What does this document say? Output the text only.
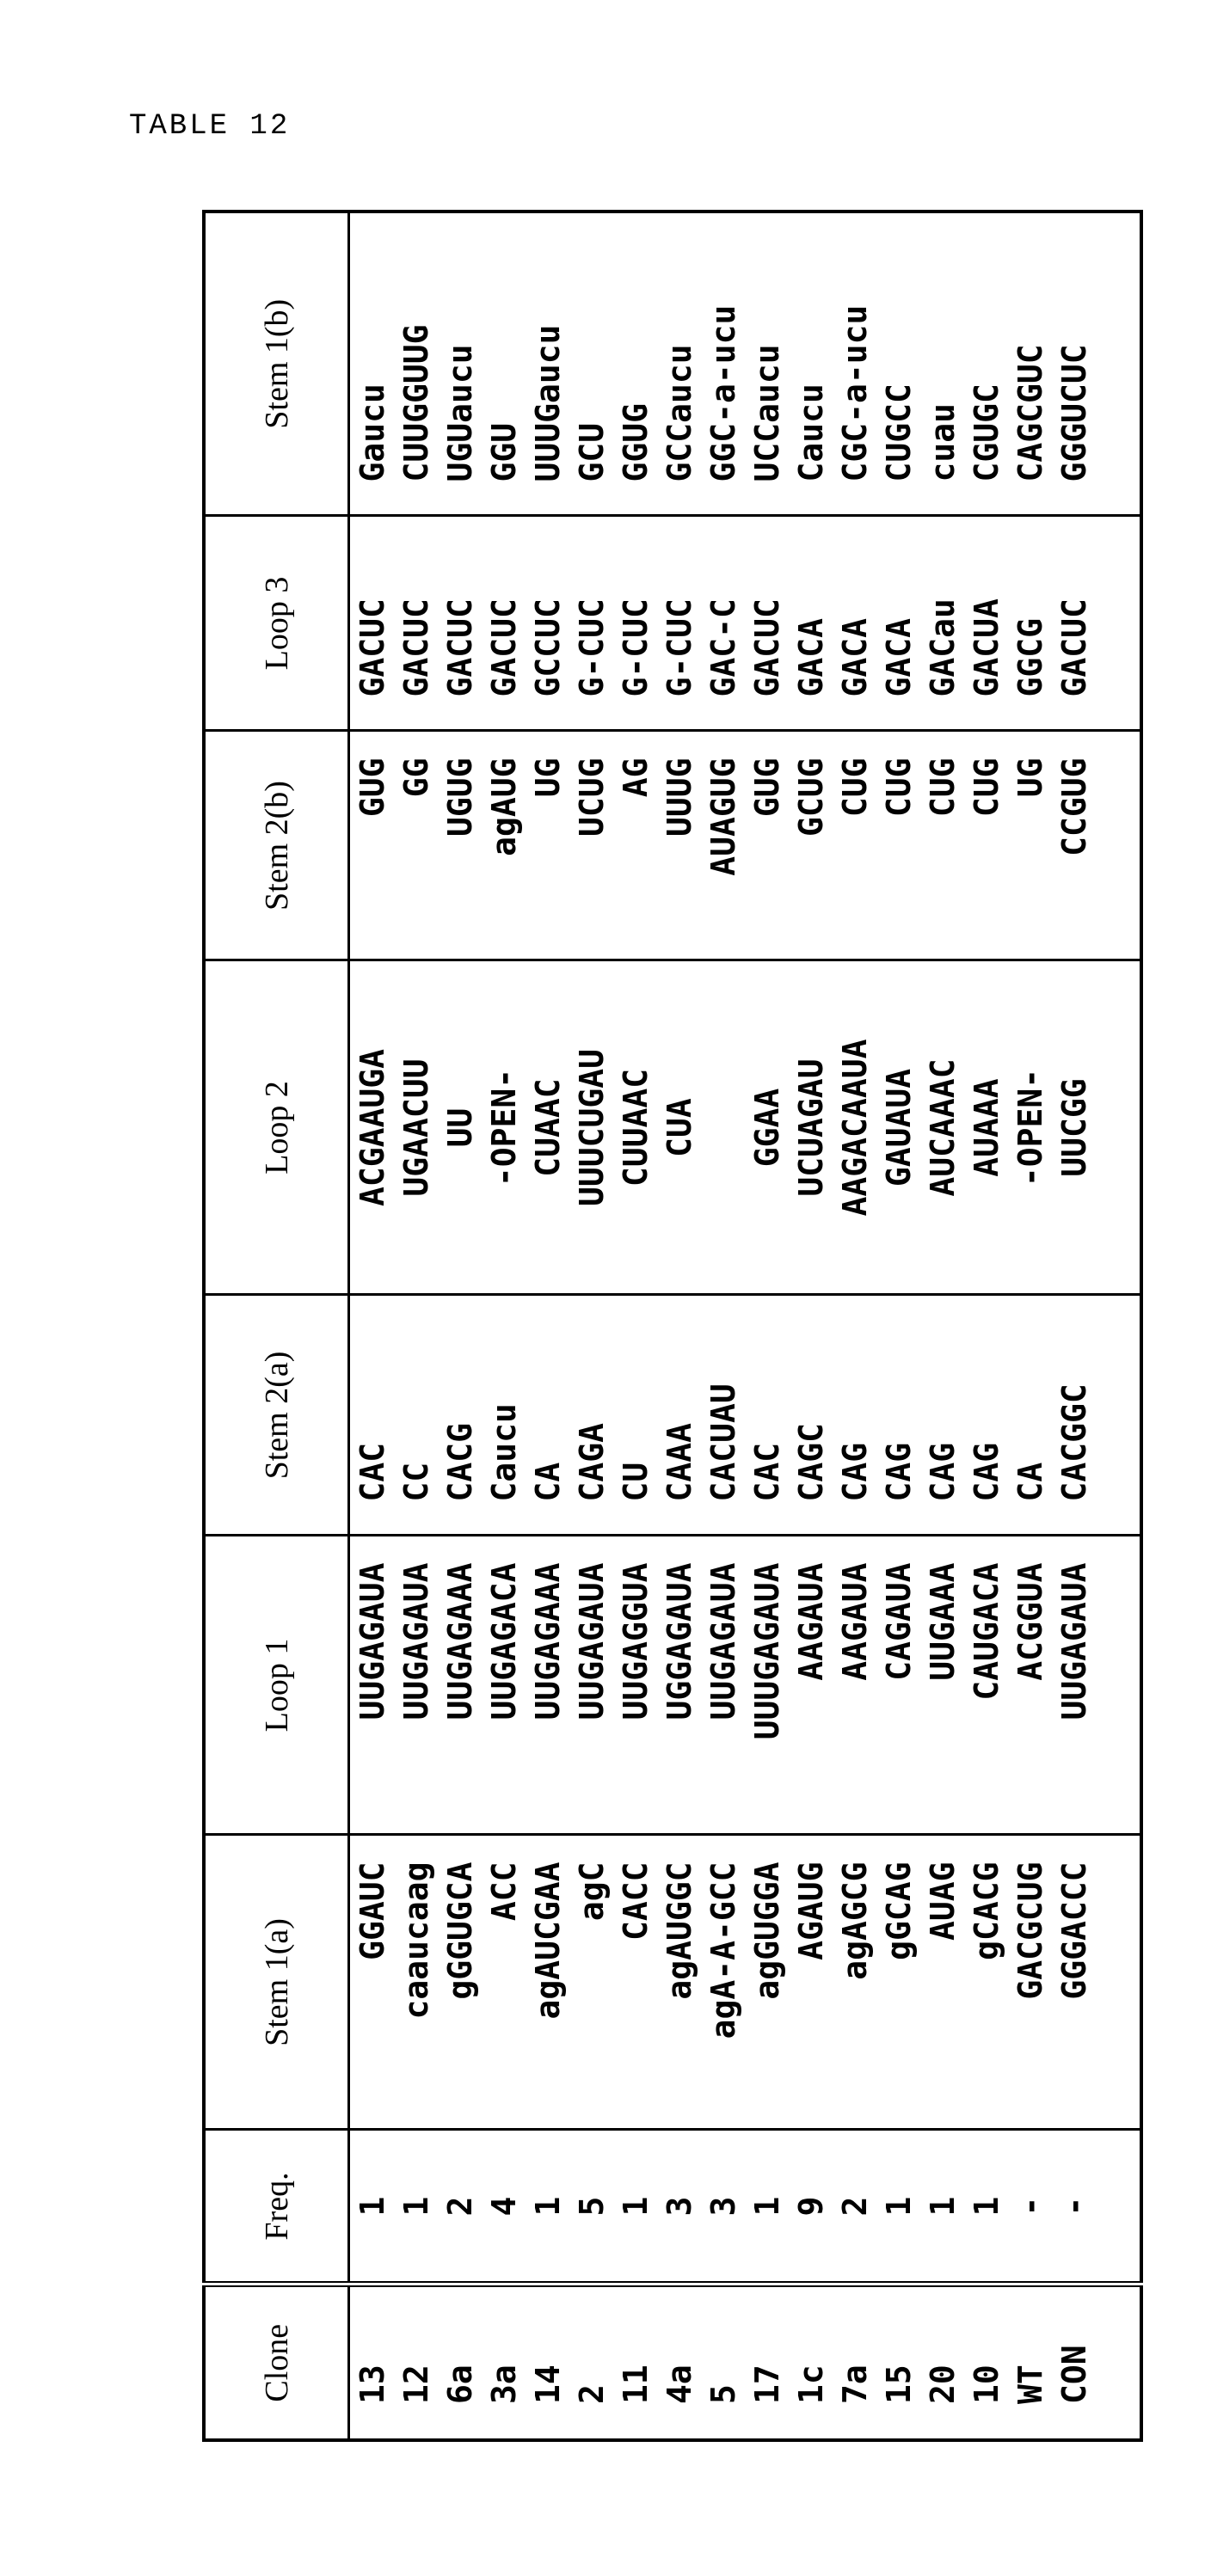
TABLE 12
Clone	Freq.	Stem 1(a)	Loop 1	Stem 2(a)	Loop 2	Stem 2(b)	Loop 3	Stem 1(b)
13	1	GGAUC	UUGAGAUA	CAC	ACGAAUGA	GUG	GACUC	Gaucu
12	1	caaucaag	UUGAGAUA	CC	UGAACUU	GG	GACUC	CUUGGUUG
6a	2	gGGUGCA	UUGAGAAA	CACG	UU	UGUG	GACUC	UGUaucu
3a	4	ACC	UUGAGACA	Caucu	-OPEN-	agAUG	GACUC	GGU
14	1	agAUCGAA	UUGAGAAA	CA	CUAAC	UG	GCCUC	UUUGaucu
2	5	agC	UUGAGAUA	CAGA	UUUCUGAU	UCUG	G-CUC	GCU
11	1	CACC	UUGAGGUA	CU	CUUAAC	AG	G-CUC	GGUG
4a	3	agAUGGC	UGGAGAUA	CAAA	CUA	UUUG	G-CUC	GCCaucu
5	3	agA-A-GCC	UUGAGAUA	CACUAU		AUAGUG	GAC-C	GGC-a-ucu
17	1	agGUGGA	UUUGAGAUA	CAC	GGAA	GUG	GACUC	UCCaucu
1c	9	AGAUG	AAGAUA	CAGC	UCUAGAU	GCUG	GACA	Caucu
7a	2	agAGCG	AAGAUA	CAG	AAGACAAUA	CUG	GACA	CGC-a-ucu
15	1	gGCAG	CAGAUA	CAG	GAUAUA	CUG	GACA	CUGCC
20	1	AUAG	UUGAAA	CAG	AUCAAAC	CUG	GACau	cuau
10	1	gCACG	CAUGACA	CAG	AUAAA	CUG	GACUA	CGUGC
WT	-	GACGCUG	ACGGUA	CA	-OPEN-	UG	GGCG	CAGCGUC
CON	-	GGGACCC	UUGAGAUA	CACGGC	UUCGG	CCGUG	GACUC	GGGUCUC
